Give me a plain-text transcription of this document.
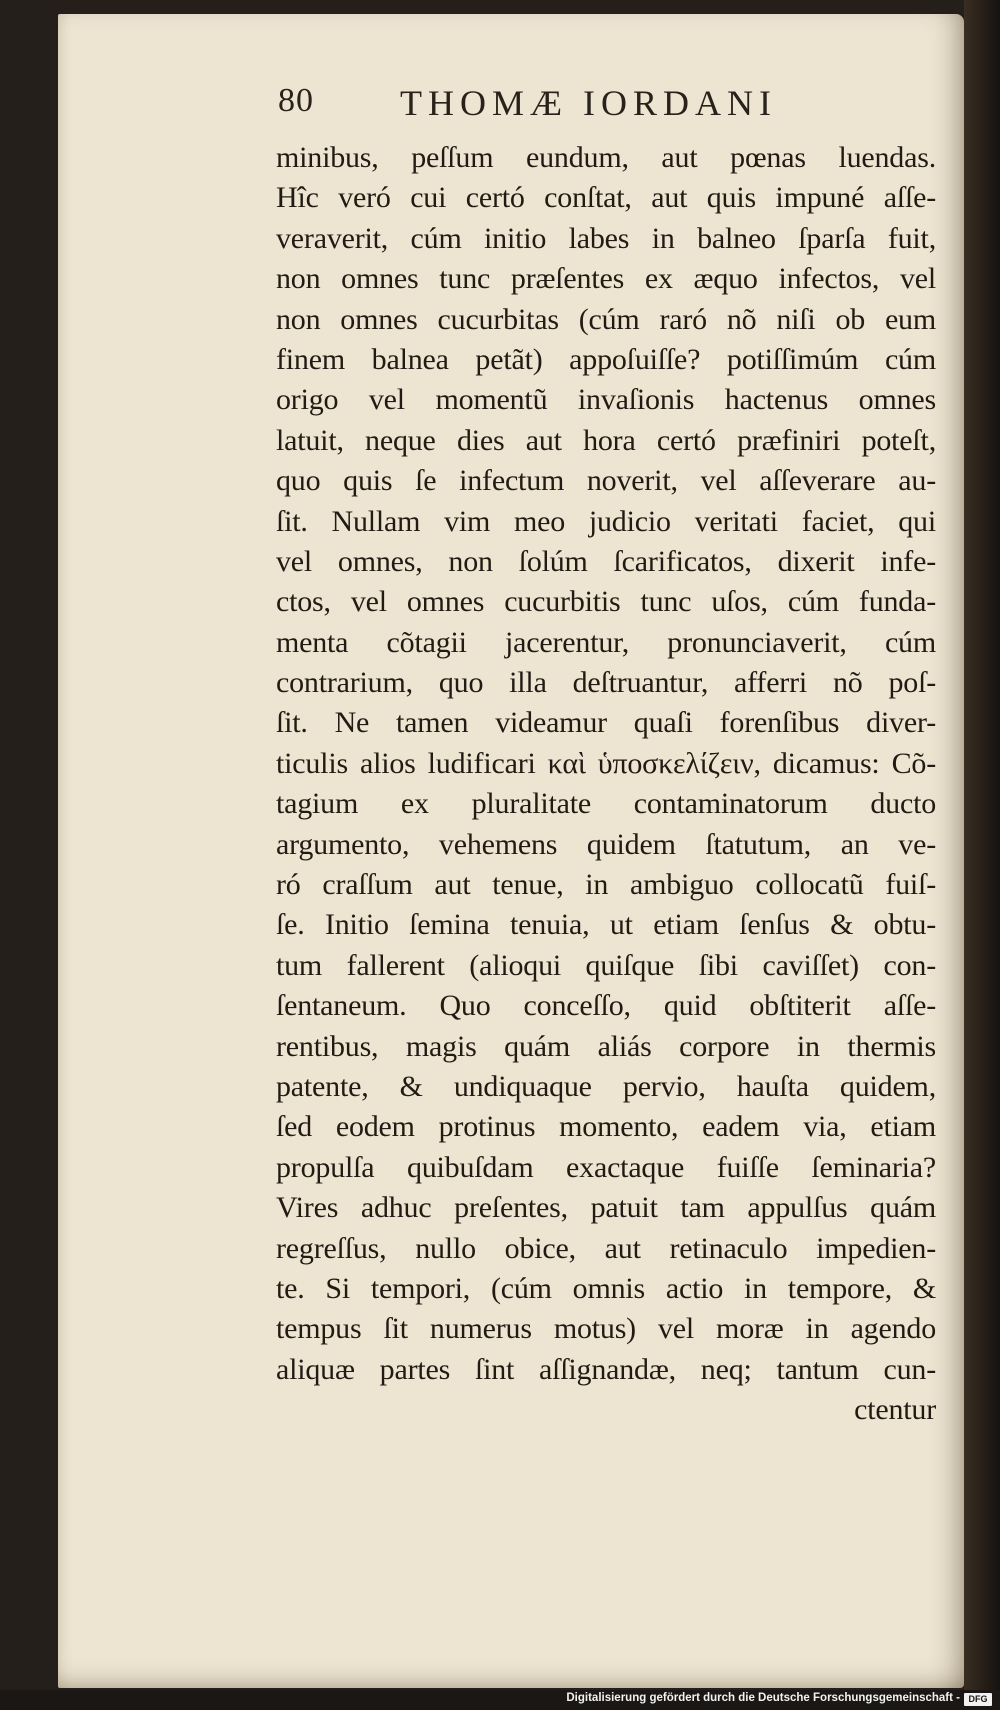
80 THOMÆ IORDANI
minibus, peſſum eundum, aut pœnas luendas.
Hîc veró cui certó conſtat, aut quis impuné aſſe-
veraverit, cúm initio labes in balneo ſparſa fuit,
non omnes tunc præſentes ex æquo infectos, vel
non omnes cucurbitas (cúm raró nõ niſi ob eum
finem balnea petãt) appoſuiſſe? potiſſimúm cúm
origo vel momentũ invaſionis hactenus omnes
latuit, neque dies aut hora certó præfiniri poteſt,
quo quis ſe infectum noverit, vel aſſeverare au-
ſit. Nullam vim meo judicio veritati faciet, qui
vel omnes, non ſolúm ſcarificatos, dixerit infe-
ctos, vel omnes cucurbitis tunc uſos, cúm funda-
menta cõtagii jacerentur, pronunciaverit, cúm
contrarium, quo illa deſtruantur, afferri nõ poſ-
ſit. Ne tamen videamur quaſi forenſibus diver-
ticulis alios ludificari καὶ ὑποσκελίζειν, dicamus: Cõ-
tagium ex pluralitate contaminatorum ducto
argumento, vehemens quidem ſtatutum, an ve-
ró craſſum aut tenue, in ambiguo collocatũ fuiſ-
ſe. Initio ſemina tenuia, ut etiam ſenſus & obtu-
tum fallerent (alioqui quiſque ſibi caviſſet) con-
ſentaneum. Quo conceſſo, quid obſtiterit aſſe-
rentibus, magis quám aliás corpore in thermis
patente, & undiquaque pervio, hauſta quidem,
ſed eodem protinus momento, eadem via, etiam
propulſa quibuſdam exactaque fuiſſe ſeminaria?
Vires adhuc preſentes, patuit tam appulſus quám
regreſſus, nullo obice, aut retinaculo impedien-
te. Si tempori, (cúm omnis actio in tempore, &
tempus ſit numerus motus) vel moræ in agendo
aliquæ partes ſint aſſignandæ, neq; tantum cun-
ctentur
Digitalisierung gefördert durch die Deutsche Forschungsgemeinschaft - DFG
